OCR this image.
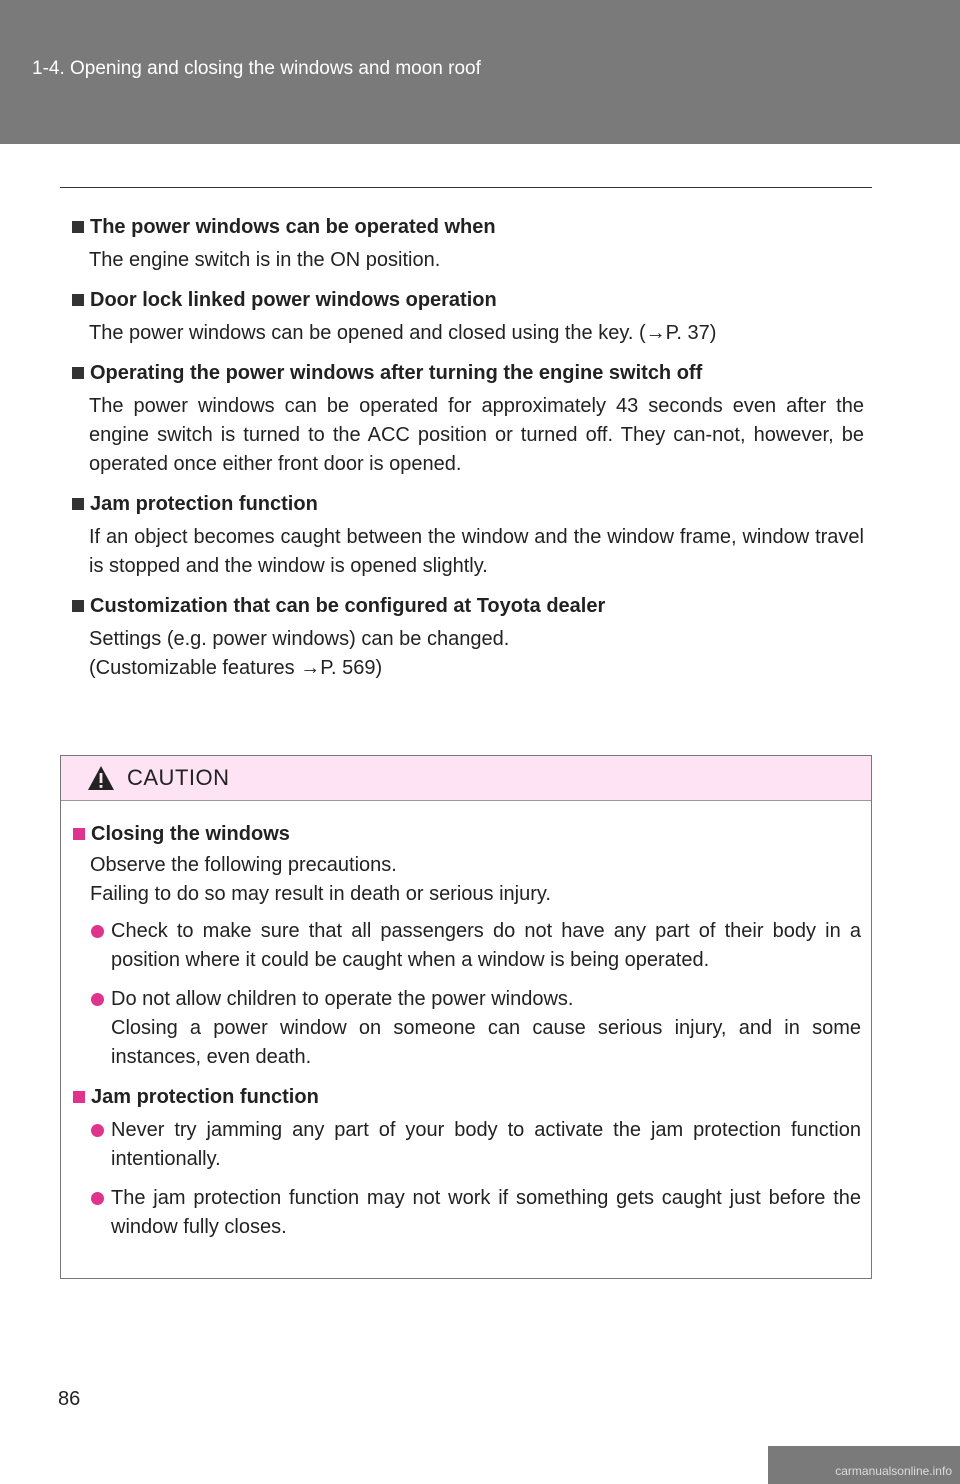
1-4. Opening and closing the windows and moon roof
The power windows can be operated when

The engine switch is in the ON position.

Door lock linked power windows operation

The power windows can be opened and closed using the key. (→P. 37)

Operating the power windows after turning the engine switch off

The power windows can be operated for approximately 43 seconds even after the engine switch is turned to the ACC position or turned off. They can-not, however, be operated once either front door is opened.

Jam protection function

If an object becomes caught between the window and the window frame, window travel is stopped and the window is opened slightly.

Customization that can be configured at Toyota dealer

Settings (e.g. power windows) can be changed.

(Customizable features →P. 569)

CAUTION
Closing the windows
Observe the following precautions.
Failing to do so may result in death or serious injury.
Check to make sure that all passengers do not have any part of their body in a position where it could be caught when a window is being operated.
Do not allow children to operate the power windows.
Closing a power window on someone can cause serious injury, and in some instances, even death.
Jam protection function
Never try jamming any part of your body to activate the jam protection function intentionally.
The jam protection function may not work if something gets caught just before the window fully closes.
86
carmanualsonline.info
